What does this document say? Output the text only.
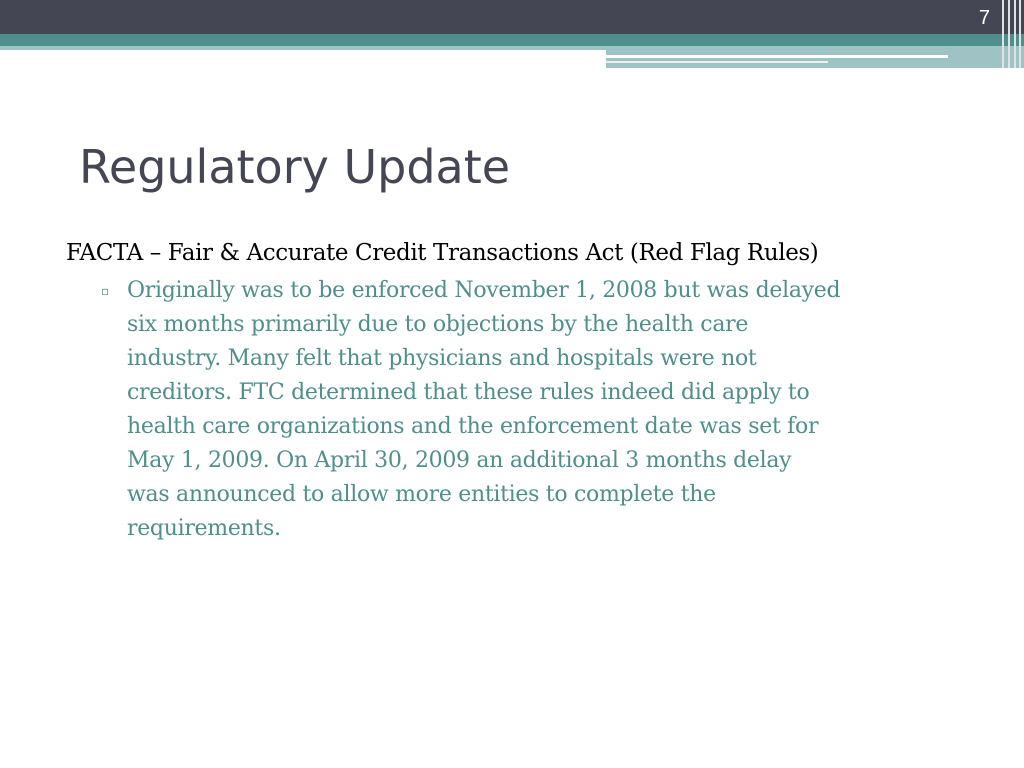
7
Regulatory Update
FACTA – Fair & Accurate Credit Transactions Act (Red Flag Rules)
▫ Originally was to be enforced November 1, 2008 but was delayed
six months primarily due to objections by the health care
industry. Many felt that physicians and hospitals were not
creditors. FTC determined that these rules indeed did apply to
health care organizations and the enforcement date was set for
May 1, 2009. On April 30, 2009 an additional 3 months delay
was announced to allow more entities to complete the
requirements.
